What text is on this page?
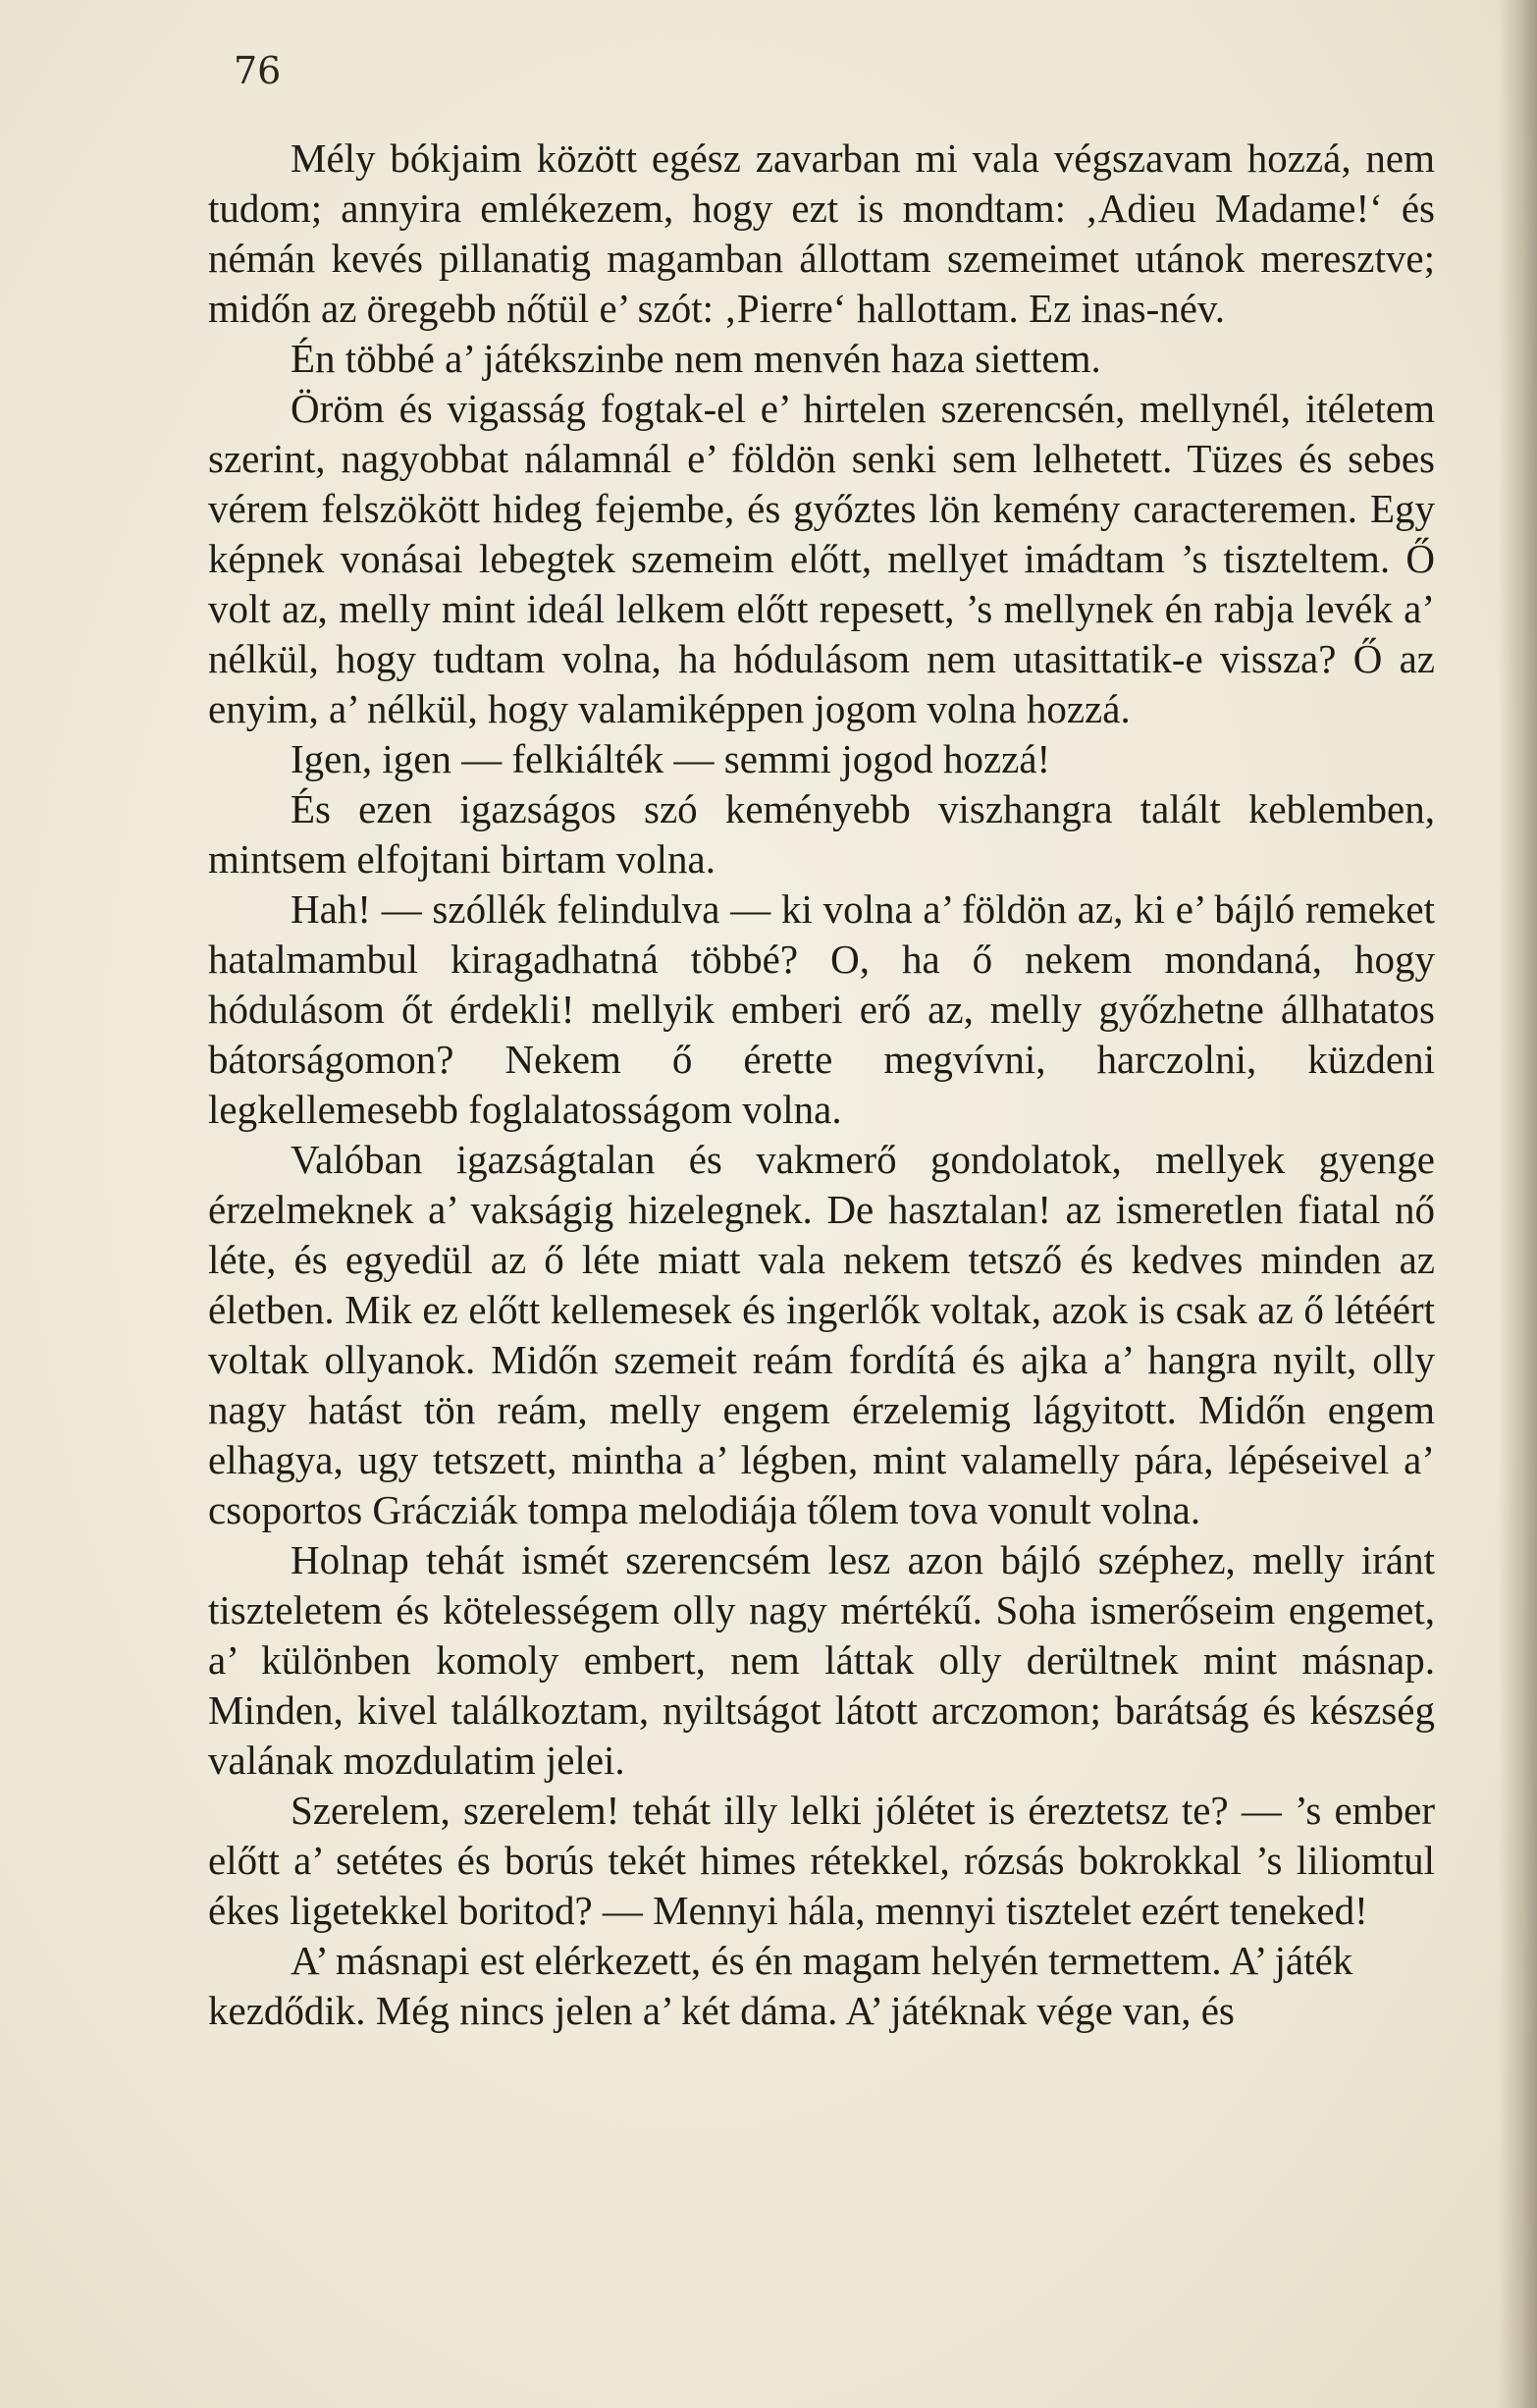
76

Mély bókjaim között egész zavarban mi vala végszavam hozzá, nem tudom; annyira emlékezem, hogy ezt is mondtam: ‚Adieu Madame!‘ és némán kevés pillanatig magamban állottam szemeimet utánok meresztve; midőn az öregebb nőtül e’ szót: ‚Pierre‘ hallottam. Ez inas-név.

Én többé a’ játékszinbe nem menvén haza siettem.

Öröm és vigasság fogtak-el e’ hirtelen szerencsén, mellynél, itéletem szerint, nagyobbat nálamnál e’ földön senki sem lelhetett. Tüzes és sebes vérem felszökött hideg fejembe, és győztes lön kemény caracteremen. Egy képnek vonásai lebegtek szemeim előtt, mellyet imádtam ’s tiszteltem. Ő volt az, melly mint ideál lelkem előtt repesett, ’s mellynek én rabja levék a’ nélkül, hogy tudtam volna, ha hódulásom nem utasittatik-e vissza? Ő az enyim, a’ nélkül, hogy valamiképpen jogom volna hozzá.

Igen, igen — felkiálték — semmi jogod hozzá!

És ezen igazságos szó keményebb viszhangra talált keblemben, mintsem elfojtani birtam volna.

Hah! — szóllék felindulva — ki volna a’ földön az, ki e’ bájló remeket hatalmambul kiragadhatná többé? O, ha ő nekem mondaná, hogy hódulásom őt érdekli! mellyik emberi erő az, melly győzhetne állhatatos bátorságomon? Nekem ő érette megvívni, harczolni, küzdeni legkellemesebb foglalatosságom volna.

Valóban igazságtalan és vakmerő gondolatok, mellyek gyenge érzelmeknek a’ vakságig hizelegnek. De hasztalan! az ismeretlen fiatal nő léte, és egyedül az ő léte miatt vala nekem tetsző és kedves minden az életben. Mik ez előtt kellemesek és ingerlők voltak, azok is csak az ő létéért voltak ollyanok. Midőn szemeit reám fordítá és ajka a’ hangra nyilt, olly nagy hatást tön reám, melly engem érzelemig lágyitott. Midőn engem elhagya, ugy tetszett, mintha a’ légben, mint valamelly pára, lépéseivel a’ csoportos Grácziák tompa melodiája tőlem tova vonult volna.

Holnap tehát ismét szerencsém lesz azon bájló széphez, melly iránt tiszteletem és kötelességem olly nagy mértékű. Soha ismerőseim engemet, a’ különben komoly embert, nem láttak olly derültnek mint másnap. Minden, kivel találkoztam, nyiltságot látott arczomon; barátság és készség valának mozdulatim jelei.

Szerelem, szerelem! tehát illy lelki jólétet is éreztetsz te? — ’s ember előtt a’ setétes és borús tekét himes rétekkel, rózsás bokrokkal ’s liliomtul ékes ligetekkel boritod? — Mennyi hála, mennyi tisztelet ezért teneked!

A’ másnapi est elérkezett, és én magam helyén termettem. A’ játék kezdődik. Még nincs jelen a’ két dáma. A’ játéknak vége van, és
